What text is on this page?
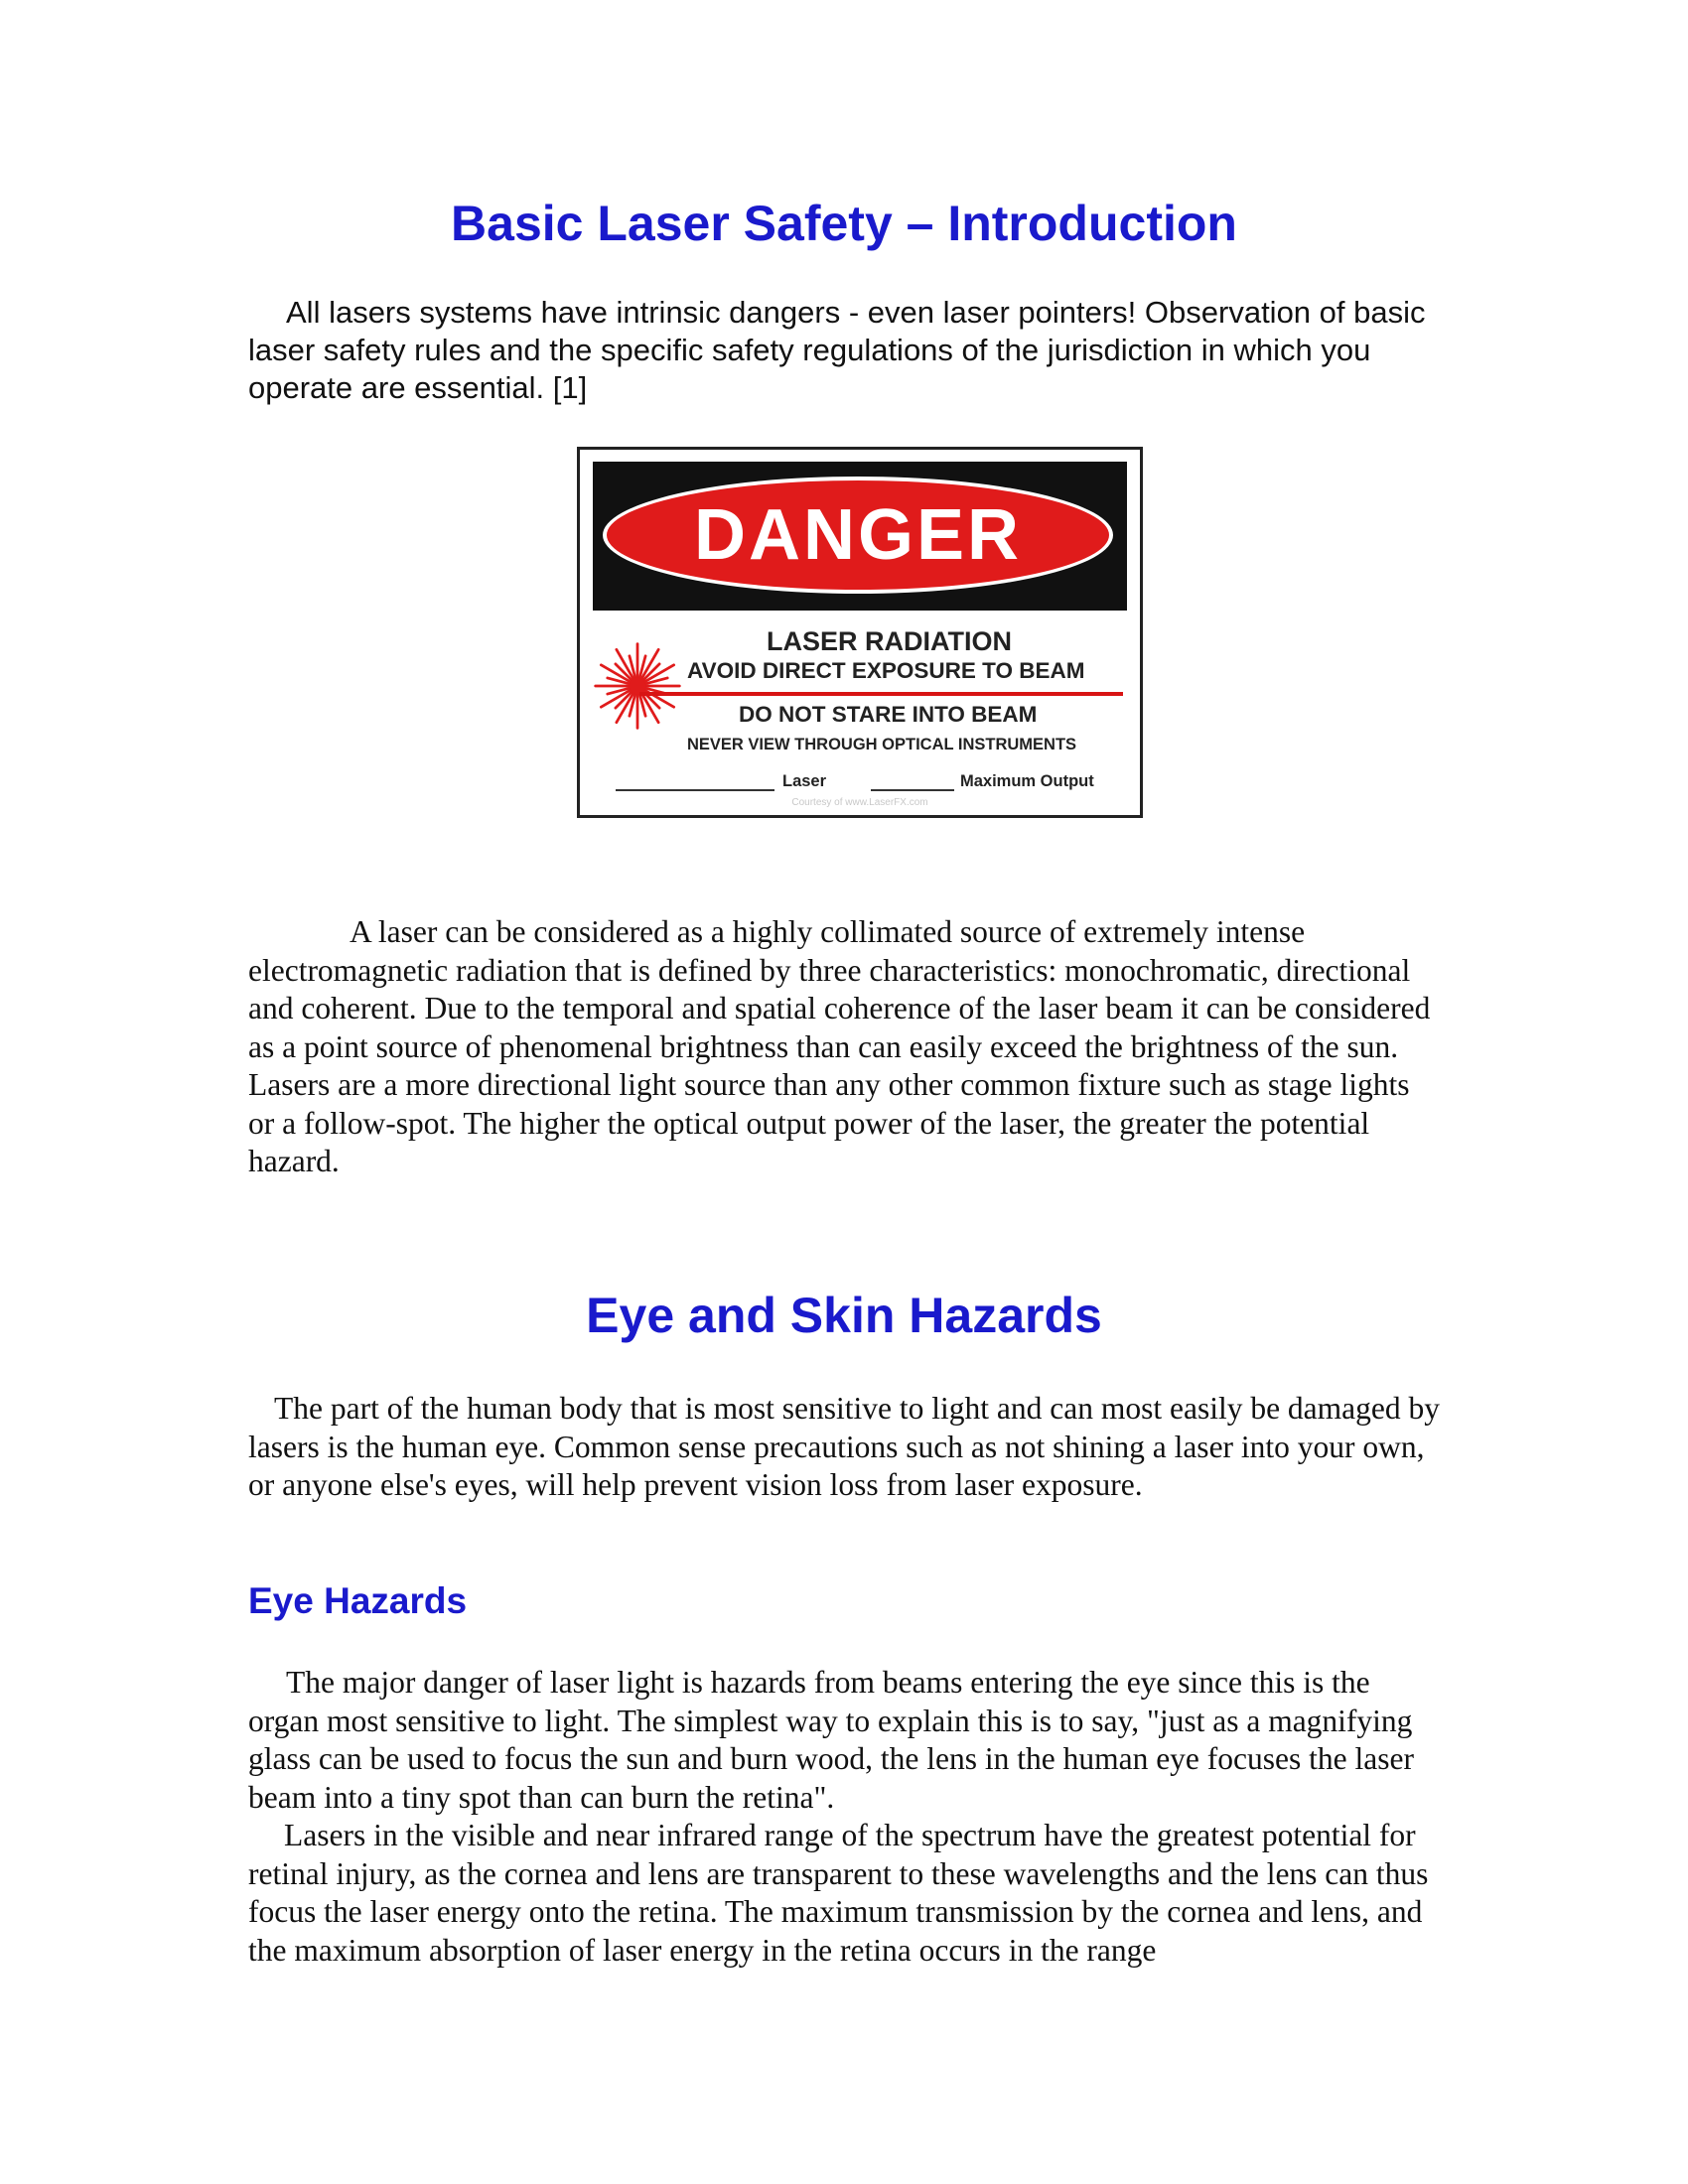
Basic Laser Safety – Introduction

All lasers systems have intrinsic dangers - even laser pointers! Observation of basic laser safety rules and the specific safety regulations of the jurisdiction in which you operate are essential. [1]

DANGER
LASER RADIATION
AVOID DIRECT EXPOSURE TO BEAM
DO NOT STARE INTO BEAM
NEVER VIEW THROUGH OPTICAL INSTRUMENTS
Laser	Maximum Output
Courtesy of www.LaserFX.com

A laser can be considered as a highly collimated source of extremely intense electromagnetic radiation that is defined by three characteristics: monochromatic, directional and coherent. Due to the temporal and spatial coherence of the laser beam it can be considered as a point source of phenomenal brightness than can easily exceed the brightness of the sun. Lasers are a more directional light source than any other common fixture such as stage lights or a follow-spot. The higher the optical output power of the laser, the greater the potential hazard.

Eye and Skin Hazards

The part of the human body that is most sensitive to light and can most easily be damaged by lasers is the human eye. Common sense precautions such as not shining a laser into your own, or anyone else's eyes, will help prevent vision loss from laser exposure.

Eye Hazards

The major danger of laser light is hazards from beams entering the eye since this is the organ most sensitive to light. The simplest way to explain this is to say, "just as a magnifying glass can be used to focus the sun and burn wood, the lens in the human eye focuses the laser beam into a tiny spot than can burn the retina".

Lasers in the visible and near infrared range of the spectrum have the greatest potential for retinal injury, as the cornea and lens are transparent to these wavelengths and the lens can thus focus the laser energy onto the retina. The maximum transmission by the cornea and lens, and the maximum absorption of laser energy in the retina occurs in the range
